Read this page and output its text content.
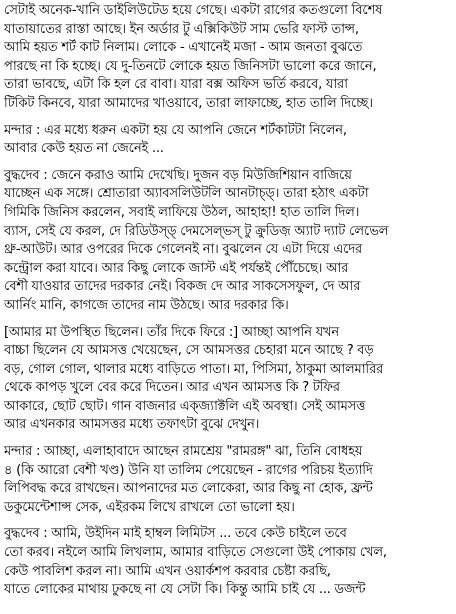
সেটাই অনেক-খানি ডাইলিউটেড হয়ে গেছে। একটা রাগের কতগুলো বিশেষ
যাতায়াতের রাস্তা আছে। ইন অর্ডার টু এক্সিকিউট সাম ভেরি ফাস্ট তান্স,
আমি হয়ত শর্ট কাট নিলাম। লোকে - এখানেই মজা - আম জনতা বুঝতে
পারছে না কি হচ্ছে। যে দু-তিনটে লোকে হয়ত জিনিসটা ভালো করে জানে,
তারা ভাবছে, এটা কি হল রে বাবা। যারা বক্স অফিস ভর্তি করবে, যারা
টিকিট কিনবে, যারা আমাদের খাওয়াবে, তারা লাফাচ্ছে, হাত তালি দিচ্ছে।
মন্দার : এর মধ্যে ধরুন একটা হয় যে আপনি জেনে শর্টকাটটা নিলেন,
আবার কেউ হয়ত না জেনেই ...
বুদ্ধদেব : জেনে করাও আমি দেখেছি। দুজন বড় মিউজিশিয়ান বাজিয়ে
যাচ্ছেন এক সঙ্গে। শ্রোতারা অ্যাবসলিউটলি আনটাচ্‌ড্। তারা হঠাৎ একটা
গিমিকি জিনিস করলেন, সবাই লাফিয়ে উঠল, আহাহা! হাত তালি দিল।
ব্যাস, সেই যে করল, দে রিডিউস্‌ড্ দেমসেল্ভস্ টু ক্রুডিজ় অ্যাট দ্যাট লেভেল
থ্রু-আউট। আর ওপরের দিকে গেলেনই না। বুঝলেন যে এটা দিয়ে এদের
কন্ট্রোল করা যাবে। আর কিছু লোকে জাস্ট এই পর্যন্তই পৌঁচেছে। আর
বেশী যাওয়ার তাদের দরকার নেই। বিকজ দে আর সাকসেসফুল, দে আর
আর্নিং মানি, কাগজে তাদের নাম উঠছে। আর দরকার কি।
[আমার মা উপস্থিত ছিলেন। তাঁর দিকে ফিরে :] আচ্ছা আপনি যখন
বাচ্চা ছিলেন যে আমসত্ত খেয়েছেন, সে আমসত্তর চেহারা মনে আছে ? বড়
বড়, গোল গোল, থালার মধ্যে বাড়িতে পাতা। মা, পিসিমা, ঠাকুমা আলমারির
থেকে কাপড় খুলে বের করে দিতেন। আর এখন আমসত্ত কি ? টফির
আকারে, ছোট ছোট। গান বাজনার এক্জ্যাক্টলি এই অবস্থা। সেই আমসত্ত
আর এখনকার আমসত্তর মধ্যে তফাৎটা বুঝে দেখুন।
মন্দার : আচ্ছা, এলাহাবাদে আছেন রামশ্রেয় "রামরঙ্গ" ঝা, তিনি বোধহয়
৪ (কি আরো বেশী খণ্ড) উনি যা তালিম পেয়েছেন - রাগের পরিচয় ইত্যাদি
লিপিবদ্ধ করে রাখছেন। আপনাদের মত লোকেরা, আর কিছু না হোক, ফ্রন্ট
ডকুমেন্টেশান্স সেক, এইরকম লিখে রাখলে তো ভালো হয়।
বুদ্ধদেব : আমি, উইদিন মাই হাম্বল লিমিটস ... তবে কেউ চাইলে তবে
তো করব। নইলে আমি লিখলাম, আমার বাড়িতে সেগুলো উই পোকায় খেল,
কেউ পাবলিশ করল না। আমি এখন ওয়ার্কশপ করবার চেষ্টা করছি,
যাতে লোকের মাথায় ঢুকছে না যে সেটা কি। কিন্তু আমি চাই যে ... ডজন্ট
